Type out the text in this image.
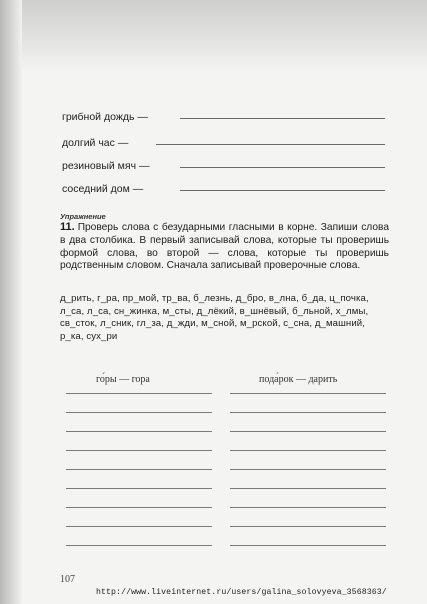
грибной дождь —
долгий час —
резиновый мяч —
соседний дом —
Упражнение
11. Проверь слова с безударными гласными в корне. Запиши слова в два столбика. В первый записывай слова, которые ты проверишь формой слова, во второй — слова, которые ты проверишь родственным словом. Сначала записывай проверочные слова.
д_рить, г_ра, пр_мой, тр_ва, б_лезнь, д_бро, в_лна, б_да, ц_почка, л_са, л_са, сн_жинка, м_сты, д_лёкий, в_шнёвый, б_льной, х_лмы, св_сток, л_сник, гл_за, д_жди, м_сной, м_рской, с_сна, д_машний, р_ка, сух_ри
го́ры — гора	пода́рок — дарить
107
http://www.liveinternet.ru/users/galina_solovyeva_3568363/
